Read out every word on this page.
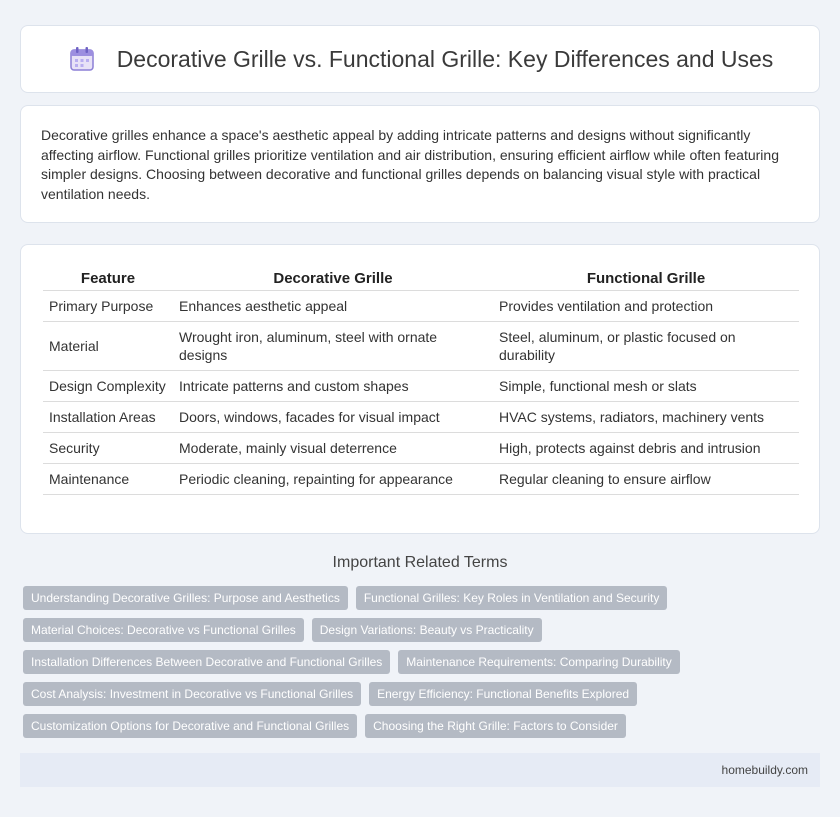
Decorative Grille vs. Functional Grille: Key Differences and Uses

Decorative grilles enhance a space's aesthetic appeal by adding intricate patterns and designs without significantly affecting airflow. Functional grilles prioritize ventilation and air distribution, ensuring efficient airflow while often featuring simpler designs. Choosing between decorative and functional grilles depends on balancing visual style with practical ventilation needs.

Feature	Decorative Grille	Functional Grille
Primary Purpose	Enhances aesthetic appeal	Provides ventilation and protection
Material	Wrought iron, aluminum, steel with ornate designs	Steel, aluminum, or plastic focused on durability
Design Complexity	Intricate patterns and custom shapes	Simple, functional mesh or slats
Installation Areas	Doors, windows, facades for visual impact	HVAC systems, radiators, machinery vents
Security	Moderate, mainly visual deterrence	High, protects against debris and intrusion
Maintenance	Periodic cleaning, repainting for appearance	Regular cleaning to ensure airflow
Important Related Terms
Understanding Decorative Grilles: Purpose and Aesthetics	Functional Grilles: Key Roles in Ventilation and Security
Material Choices: Decorative vs Functional Grilles	Design Variations: Beauty vs Practicality
Installation Differences Between Decorative and Functional Grilles	Maintenance Requirements: Comparing Durability
Cost Analysis: Investment in Decorative vs Functional Grilles	Energy Efficiency: Functional Benefits Explored
Customization Options for Decorative and Functional Grilles	Choosing the Right Grille: Factors to Consider
homebuildy.com
